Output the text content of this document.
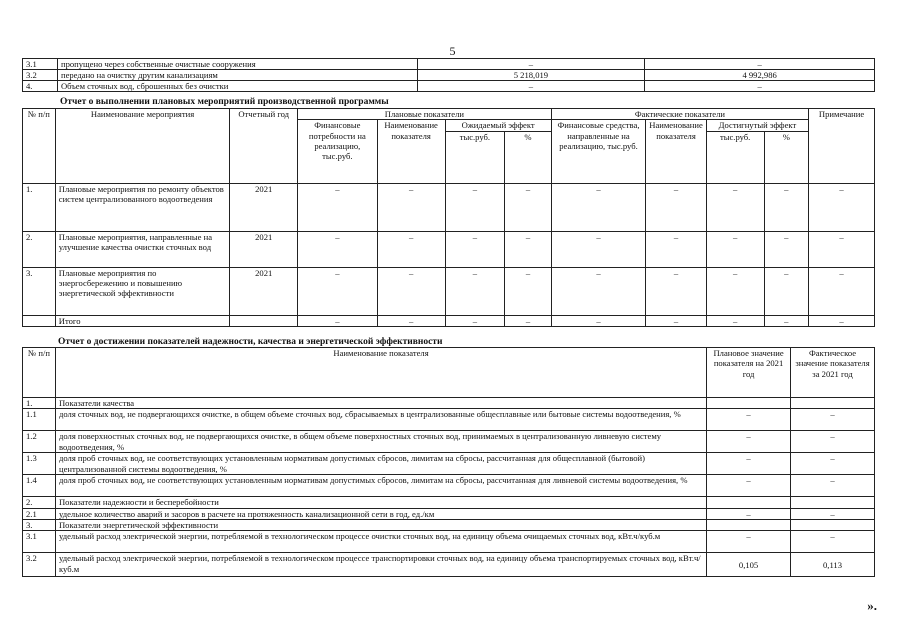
5
3.1	пропущено через собственные очистные сооружения	–	–
3.2	передано на очистку другим канализациям	5 218,019	4 992,986
4.	Объем сточных вод, сброшенных без очистки	–	–
Отчет о выполнении плановых мероприятий производственной программы
№ п/п	Наименование мероприятия	Отчетный год	Плановые показатели				Фактические показатели				Примечание
			Финансовые потребности на реализацию, тыс.руб.	Наименование показателя	Ожидаемый эффект		Финансовые средства, направленные на реализацию, тыс.руб.	Наименование показателя	Достигнутый эффект		
					тыс.руб.	%			тыс.руб.	%	
1.	Плановые мероприятия по ремонту объектов систем централизованного водоотведения	2021	–	–	–	–	–	–	–	–	–
2.	Плановые мероприятия, направленные на улучшение качества очистки сточных вод	2021	–	–	–	–	–	–	–	–	–
3.	Плановые мероприятия по энергосбережению и повышению энергетической эффективности	2021	–	–	–	–	–	–	–	–	–
	Итого		–	–	–	–	–	–	–	–	–
Отчет о достижении показателей надежности, качества и энергетической эффективности
№ п/п	Наименование показателя	Плановое значение показателя на 2021 год	Фактическое значение показателя за 2021 год
1.	Показатели качества		
1.1	доля сточных вод, не подвергающихся очистке, в общем объеме сточных вод, сбрасываемых в централизованные общесплавные или бытовые системы водоотведения, %	–	–
1.2	доля поверхностных сточных вод, не подвергающихся очистке, в общем объеме поверхностных сточных вод, принимаемых в централизованную ливневую систему водоотведения, %	–	–
1.3	доля проб сточных вод, не соответствующих установленным нормативам допустимых сбросов, лимитам на сбросы, рассчитанная для общесплавной (бытовой) централизованной системы водоотведения, %	–	–
1.4	доля проб сточных вод, не соответствующих установленным нормативам допустимых сбросов, лимитам на сбросы, рассчитанная для ливневой системы водоотведения, %	–	–
2.	Показатели надежности и бесперебойности		
2.1	удельное количество аварий и засоров в расчете на протяженность канализационной сети в год, ед./км	–	–
3.	Показатели энергетической эффективности		
3.1	удельный расход электрической энергии, потребляемой в технологическом процессе очистки сточных вод, на единицу объема очищаемых сточных вод, кВт.ч/куб.м	–	–
3.2	удельный расход электрической энергии, потребляемой в технологическом процессе транспортировки сточных вод, на единицу объема транспортируемых сточных вод, кВт.ч/куб.м	0,105	0,113
».
